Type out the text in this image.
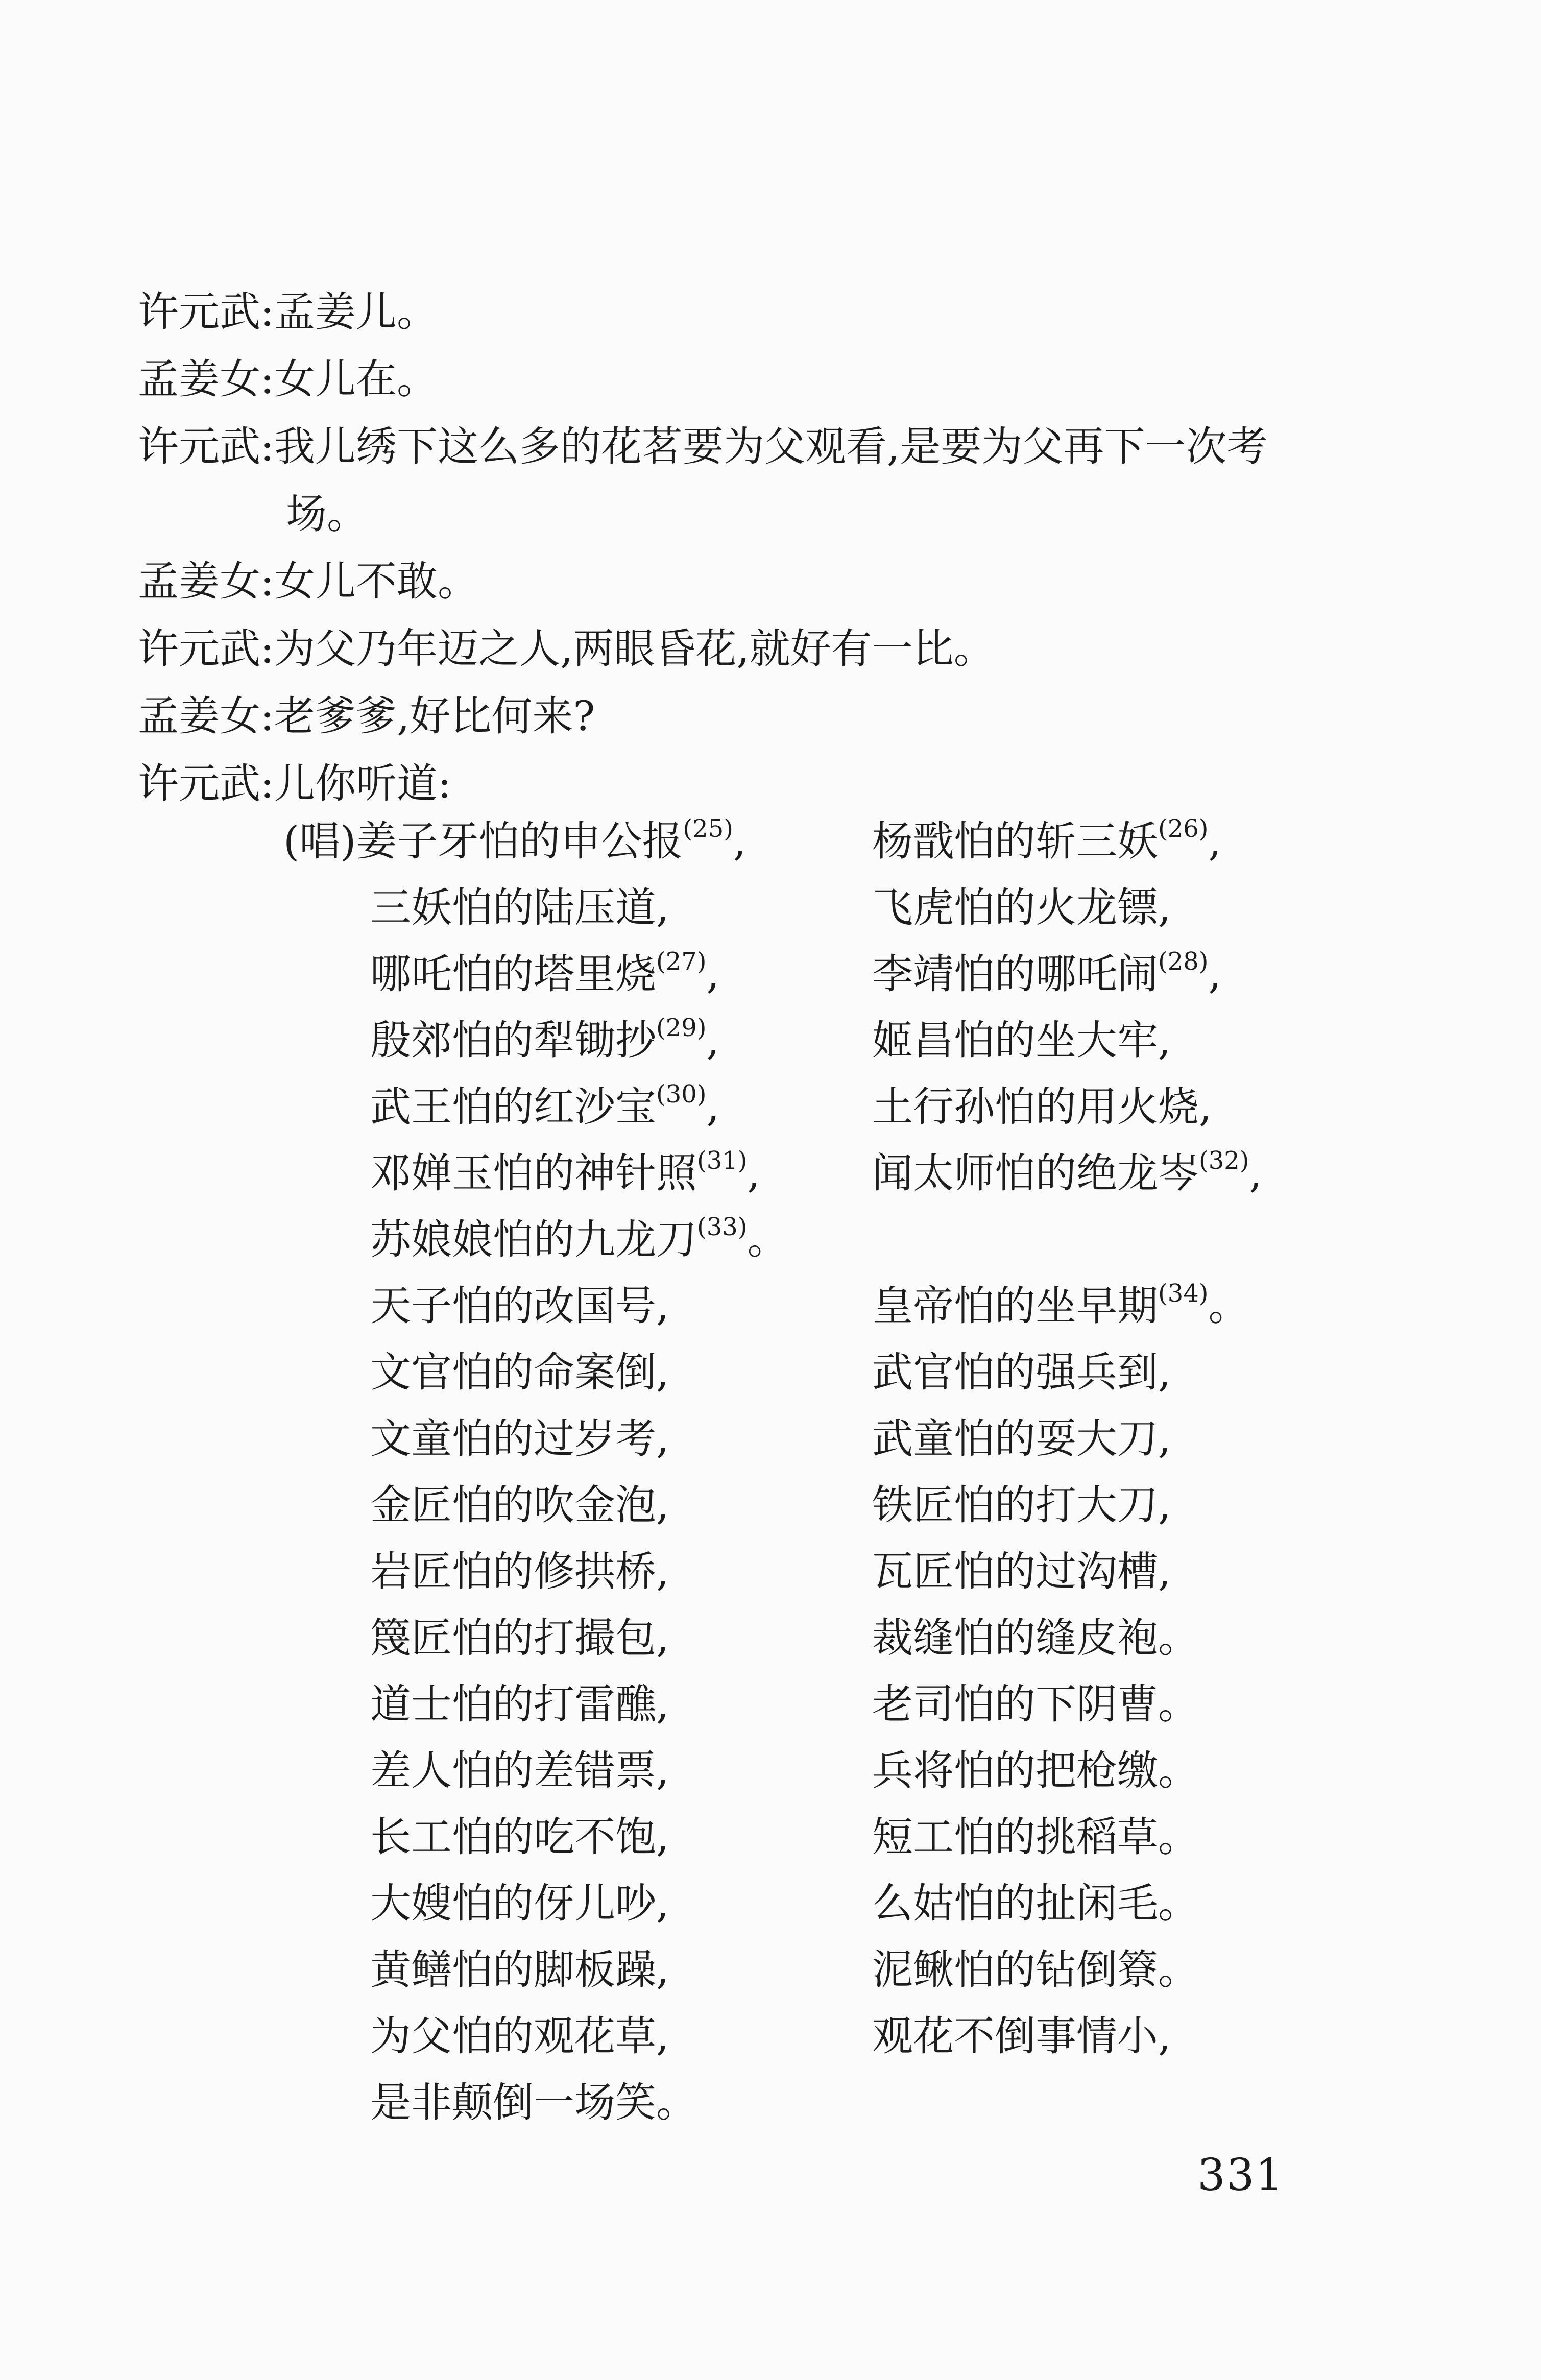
许元武 : 孟姜儿。
孟姜女 : 女儿在。
许元武 : 我儿绣下这么多的花茗要为父观看,是要为父再下一次考
场。
孟姜女 : 女儿不敢。
许元武 : 为父乃年迈之人,两眼昏花,就好有一比。
孟姜女 : 老爹爹,好比何来?
许元武 : 儿你听道:
(唱)姜子牙怕的申公报$^{(25)}$,	杨戬怕的斩三妖$^{(26)}$,
三妖怕的陆压道,	飞虎怕的火龙镖,
哪吒怕的塔里烧$^{(27)}$,	李靖怕的哪吒闹$^{(28)}$,
殷郊怕的犁锄抄$^{(29)}$,	姬昌怕的坐大牢,
武王怕的红沙宝$^{(30)}$,	土行孙怕的用火烧,
邓婵玉怕的神针照$^{(31)}$,	闻太师怕的绝龙岑$^{(32)}$,
苏娘娘怕的九龙刀$^{(33)}$。
天子怕的改国号,	皇帝怕的坐早期$^{(34)}$。
文官怕的命案倒,	武官怕的强兵到,
文童怕的过岁考,	武童怕的耍大刀,
金匠怕的吹金泡,	铁匠怕的打大刀,
岩匠怕的修拱桥,	瓦匠怕的过沟槽,
篾匠怕的打撮包,	裁缝怕的缝皮袍。
道士怕的打雷醮,	老司怕的下阴曹。
差人怕的差错票,	兵将怕的把枪缴。
长工怕的吃不饱,	短工怕的挑稻草。
大嫂怕的伢儿吵,	么姑怕的扯闲毛。
黄鳝怕的脚板躁,	泥鳅怕的钻倒簝。
为父怕的观花草,	观花不倒事情小,
是非颠倒一场笑。
331
